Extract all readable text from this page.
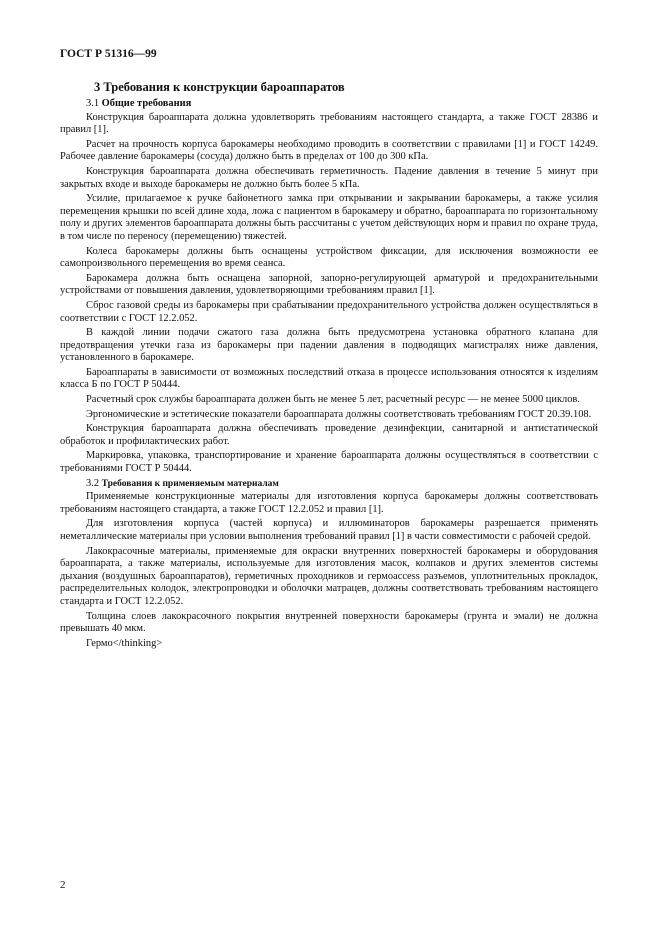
ГОСТ Р 51316—99
3 Требования к конструкции бароаппаратов
3.1 Общие требования

Конструкция бароаппарата должна удовлетворять требованиям настоящего стандарта, а также ГОСТ 28386 и правил [1].

Расчет на прочность корпуса барокамеры необходимо проводить в соответствии с правилами [1] и ГОСТ 14249. Рабочее давление барокамеры (сосуда) должно быть в пределах от 100 до 300 кПа.

Конструкция бароаппарата должна обеспечивать герметичность. Падение давления в течение 5 минут при закрытых входе и выходе барокамеры не должно быть более 5 кПа.

Усилие, прилагаемое к ручке байонетного замка при открывании и закрывании барокамеры, а также усилия перемещения крышки по всей длине хода, ложа с пациентом в барокамеру и обратно, бароаппарата по горизонтальному полу и других элементов бароаппарата должны быть рассчитаны с учетом действующих норм и правил по охране труда, в том числе по переносу (перемещению) тяжестей.

Колеса барокамеры должны быть оснащены устройством фиксации, для исключения возможности ее самопроизвольного перемещения во время сеанса.

Барокамера должна быть оснащена запорной, запорно-регулирующей арматурой и предохранительными устройствами от повышения давления, удовлетворяющими требованиям правил [1].

Сброс газовой среды из барокамеры при срабатывании предохранительного устройства должен осуществляться в соответствии с ГОСТ 12.2.052.

В каждой линии подачи сжатого газа должна быть предусмотрена установка обратного клапана для предотвращения утечки газа из барокамеры при падении давления в подводящих магистралях ниже давления, установленного в барокамере.

Бароаппараты в зависимости от возможных последствий отказа в процессе использования относятся к изделиям класса Б по ГОСТ Р 50444.

Расчетный срок службы бароаппарата должен быть не менее 5 лет, расчетный ресурс — не менее 5000 циклов.

Эргономические и эстетические показатели бароаппарата должны соответствовать требованиям ГОСТ 20.39.108.

Конструкция бароаппарата должна обеспечивать проведение дезинфекции, санитарной и антистатической обработок и профилактических работ.

Маркировка, упаковка, транспортирование и хранение бароаппарата должны осуществляться в соответствии с требованиями ГОСТ Р 50444.

3.2 Требования к применяемым материалам

Применяемые конструкционные материалы для изготовления корпуса барокамеры должны соответствовать требованиям настоящего стандарта, а также ГОСТ 12.2.052 и правил [1].

Для изготовления корпуса (частей корпуса) и иллюминаторов барокамеры разрешается применять неметаллические материалы при условии выполнения требований правил [1] в части совместимости с рабочей средой.

Лакокрасочные материалы, применяемые для окраски внутренних поверхностей барокамеры и оборудования бароаппарата, а также материалы, используемые для изготовления масок, колпаков и других элементов системы дыхания (воздушных бароаппаратов), герметичных проходников и гермоaccess разъемов, уплотнительных прокладок, распределительных колодок, электропроводки и оболочки матрацев, должны соответствовать требованиям настоящего стандарта и ГОСТ 12.2.052.

Толщина слоев лакокрасочного покрытия внутренней поверхности барокамеры (грунта и эмали) не должна превышать 40 мкм.

Гермо</thinking>

2
